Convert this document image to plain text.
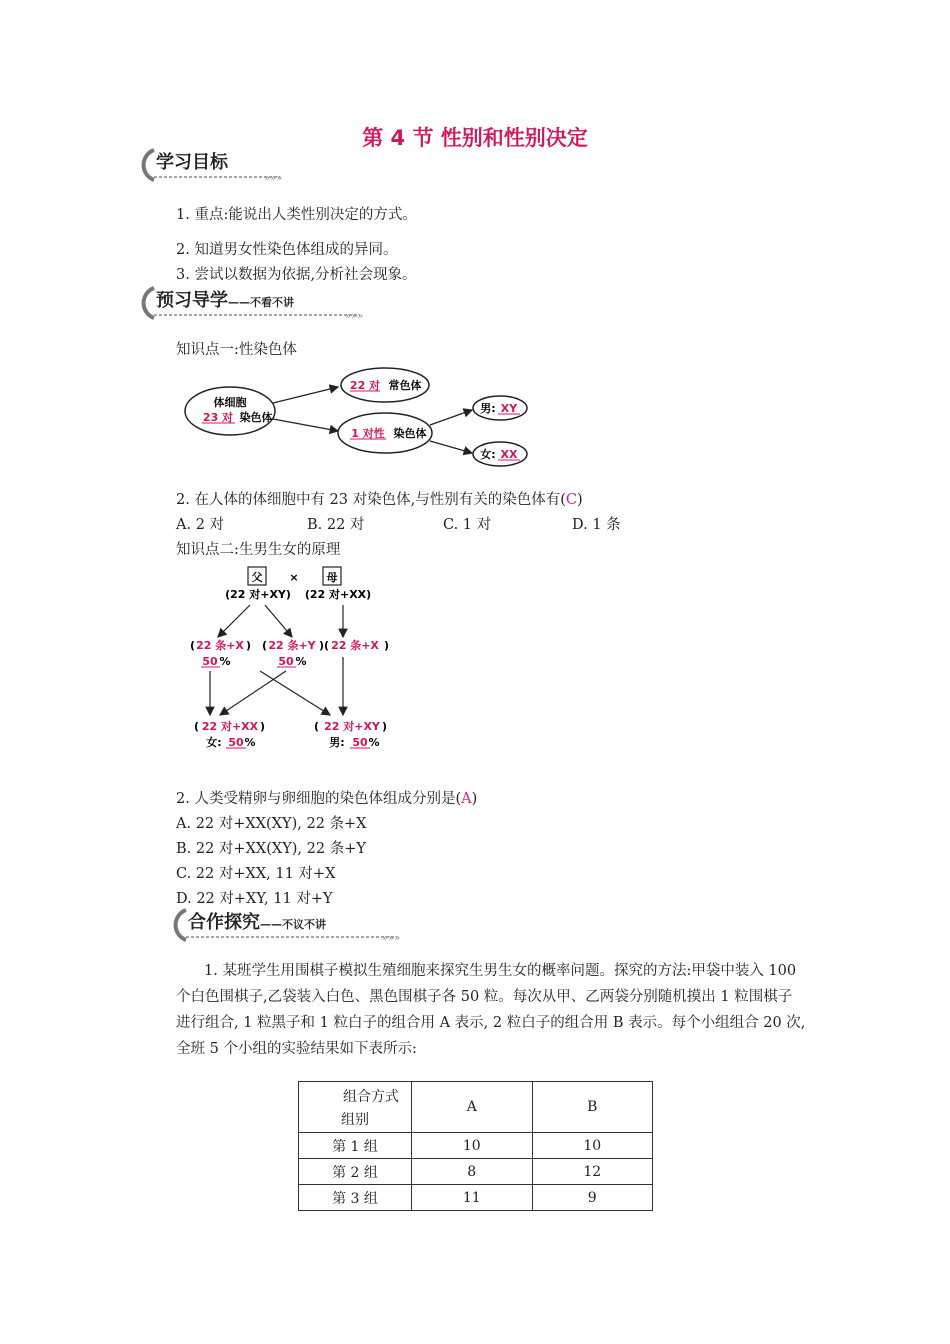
第 4 节 性别和性别决定
»»»
学习目标
1. 重点:能说出人类性别决定的方式。
2. 知道男女性染色体组成的异同。
3. 尝试以数据为依据,分析社会现象。
»»»
预习导学——不看不讲
知识点一:性染色体
体细胞
23 对 染色体
22 对 常色体
1 对性 染色体
男: XY
女: XX
2. 在人体的体细胞中有 23 对染色体,与性别有关的染色体有(C)
A. 2 对	B. 22 对	C. 1 对	D. 1 条
知识点二:生男生女的原理
父 ×	母
(22 对+XY) (22 对+XX)
( 22 条+X ) ( 22 条+Y ) ( 22 条+X )
50 %	50 %
( 22 对+XX )	( 22 对+XY )
女: 50 %	男: 50 %
2. 人类受精卵与卵细胞的染色体组成分别是(A)
A. 22 对+XX(XY), 22 条+X
B. 22 对+XX(XY), 22 条+Y
C. 22 对+XX, 11 对+X
D. 22 对+XY, 11 对+Y
»»»
合作探究——不议不讲
1. 某班学生用围棋子模拟生殖细胞来探究生男生女的概率问题。探究的方法:甲袋中装入 100 个白色围棋子,乙袋装入白色、黑色围棋子各 50 粒。每次从甲、乙两袋分别随机摸出 1 粒围棋子进行组合, 1 粒黑子和 1 粒白子的组合用 A 表示, 2 粒白子的组合用 B 表示。每个小组组合 20 次,全班 5 个小组的实验结果如下表所示:
组合方式
组别	A	B
第 1 组	10	10
第 2 组	8	12
第 3 组	11	9
